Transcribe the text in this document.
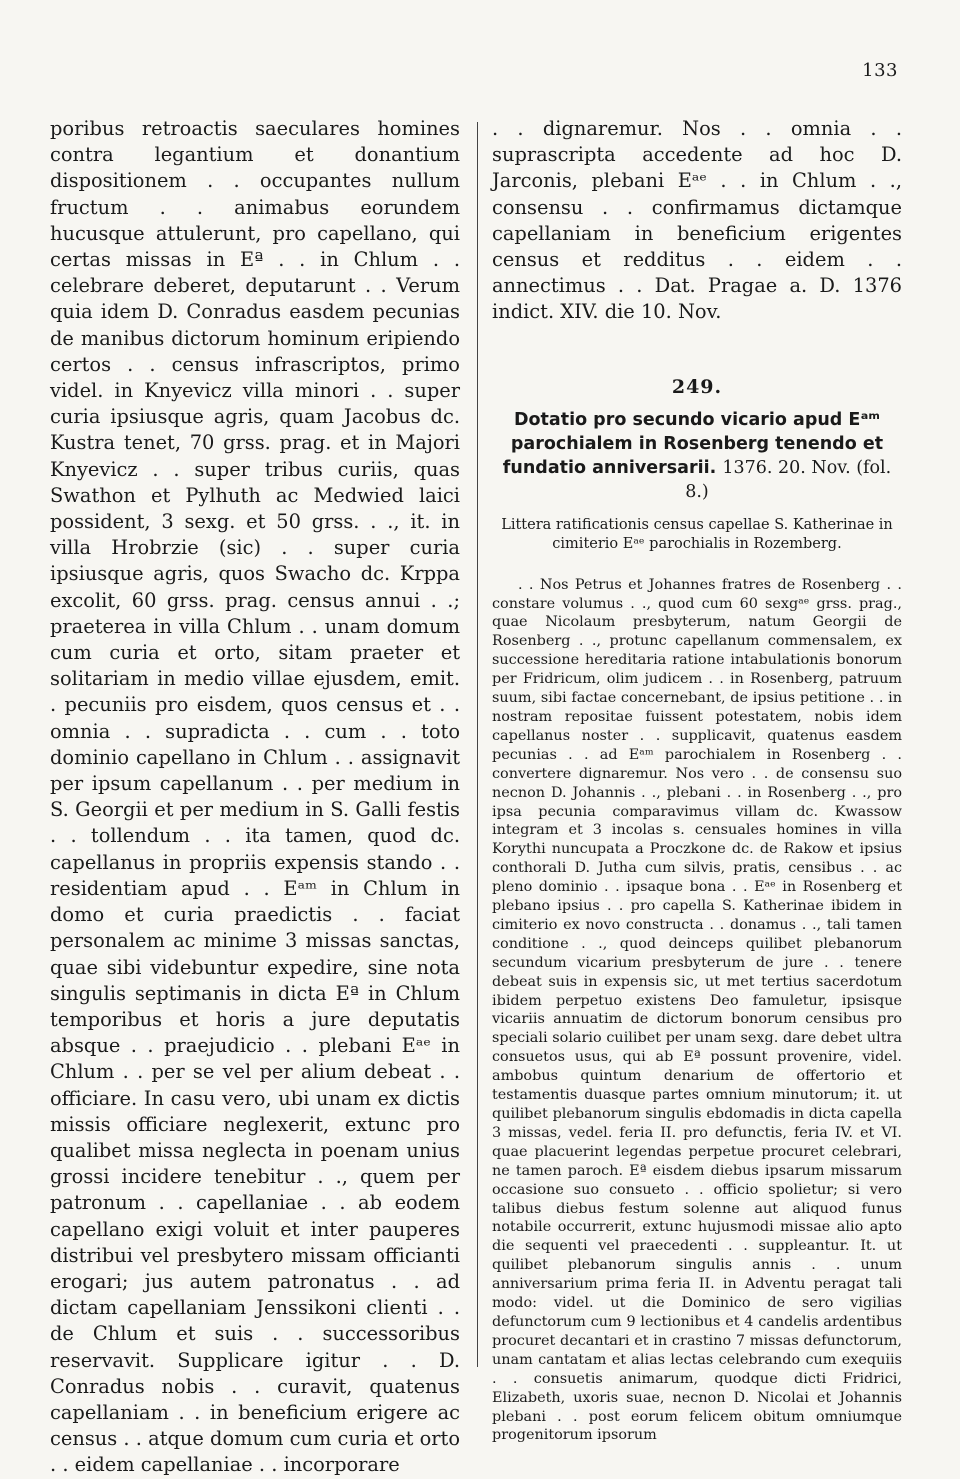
133

poribus retroactis saeculares homines contra legantium et donantium dispositionem . . occupantes nullum fructum . . animabus eorundem hucusque attulerunt, pro capellano, qui certas missas in Eª . . in Chlum . . celebrare deberet, deputarunt . . Verum quia idem D. Conradus easdem pecunias de manibus dictorum hominum eripiendo certos . . census infrascriptos, primo videl. in Knyevicz villa minori . . super curia ipsiusque agris, quam Jacobus dc. Kustra tenet, 70 grss. prag. et in Majori Knyevicz . . super tribus curiis, quas Swathon et Pylhuth ac Medwied laici possident, 3 sexg. et 50 grss. . ., it. in villa Hrobrzie (sic) . . super curia ipsiusque agris, quos Swacho dc. Krppa excolit, 60 grss. prag. census annui . .; praeterea in villa Chlum . . unam domum cum curia et orto, sitam praeter et solitariam in medio villae ejusdem, emit. . pecuniis pro eisdem, quos census et . . omnia . . supradicta . . cum . . toto dominio capellano in Chlum . . assignavit per ipsum capellanum . . per medium in S. Georgii et per medium in S. Galli festis . . tollendum . . ita tamen, quod dc. capellanus in propriis expensis stando . . residentiam apud . . Eᵃᵐ in Chlum in domo et curia praedictis . . faciat personalem ac minime 3 missas sanctas, quae sibi videbuntur expedire, sine nota singulis septimanis in dicta Eª in Chlum temporibus et horis a jure deputatis absque . . praejudicio . . plebani Eᵃᵉ in Chlum . . per se vel per alium debeat . . officiare. In casu vero, ubi unam ex dictis missis officiare neglexerit, extunc pro qualibet missa neglecta in poenam unius grossi incidere tenebitur . ., quem per patronum . . capellaniae . . ab eodem capellano exigi voluit et inter pauperes distribui vel presbytero missam officianti erogari; jus autem patronatus . . ad dictam capellaniam Jenssikoni clienti . . de Chlum et suis . . successoribus reservavit. Supplicare igitur . . D. Conradus nobis . . curavit, quatenus capellaniam . . in beneficium erigere ac census . . atque domum cum curia et orto . . eidem capellaniae . . incorporare

. . dignaremur. Nos . . omnia . . suprascripta accedente ad hoc D. Jarconis, plebani Eᵃᵉ . . in Chlum . ., consensu . . confirmamus dictamque capellaniam in beneficium erigentes census et redditus . . eidem . . annectimus . . Dat. Pragae a. D. 1376 indict. XIV. die 10. Nov.

249.
Dotatio pro secundo vicario apud Eᵃᵐ parochialem in Rosenberg tenendo et fundatio anniversarii. 1376. 20. Nov. (fol. 8.)
Littera ratificationis census capellae S. Katherinae in cimiterio Eᵃᵉ parochialis in Rozemberg.

. . Nos Petrus et Johannes fratres de Rosenberg . . constare volumus . ., quod cum 60 sexgᵃᵉ grss. prag., quae Nicolaum presbyterum, natum Georgii de Rosenberg . ., protunc capellanum commensalem, ex successione hereditaria ratione intabulationis bonorum per Fridricum, olim judicem . . in Rosenberg, patruum suum, sibi factae concernebant, de ipsius petitione . . in nostram repositae fuissent potestatem, nobis idem capellanus noster . . supplicavit, quatenus easdem pecunias . . ad Eᵃᵐ parochialem in Rosenberg . . convertere dignaremur. Nos vero . . de consensu suo necnon D. Johannis . ., plebani . . in Rosenberg . ., pro ipsa pecunia comparavimus villam dc. Kwassow integram et 3 incolas s. censuales homines in villa Korythi nuncupata a Proczkone dc. de Rakow et ipsius conthorali D. Jutha cum silvis, pratis, censibus . . ac pleno dominio . . ipsaque bona . . Eᵃᵉ in Rosenberg et plebano ipsius . . pro capella S. Katherinae ibidem in cimiterio ex novo constructa . . donamus . ., tali tamen conditione . ., quod deinceps quilibet plebanorum secundum vicarium presbyterum de jure . . tenere debeat suis in expensis sic, ut met tertius sacerdotum ibidem perpetuo existens Deo famuletur, ipsisque vicariis annuatim de dictorum bonorum censibus pro speciali solario cuilibet per unam sexg. dare debet ultra consuetos usus, qui ab Eª possunt provenire, videl. ambobus quintum denarium de offertorio et testamentis duasque partes omnium minutorum; it. ut quilibet plebanorum singulis ebdomadis in dicta capella 3 missas, vedel. feria II. pro defunctis, feria IV. et VI. quae placuerint legendas perpetue procuret celebrari, ne tamen paroch. Eª eisdem diebus ipsarum missarum occasione suo consueto . . officio spolietur; si vero talibus diebus festum solenne aut aliquod funus notabile occurrerit, extunc hujusmodi missae alio apto die sequenti vel praecedenti . . suppleantur. It. ut quilibet plebanorum singulis annis . . unum anniversarium prima feria II. in Adventu peragat tali modo: videl. ut die Dominico de sero vigilias defunctorum cum 9 lectionibus et 4 candelis ardentibus procuret decantari et in crastino 7 missas defunctorum, unam cantatam et alias lectas celebrando cum exequiis . . consuetis animarum, quodque dicti Fridrici, Elizabeth, uxoris suae, necnon D. Nicolai et Johannis plebani . . post eorum felicem obitum omniumque progenitorum ipsorum
